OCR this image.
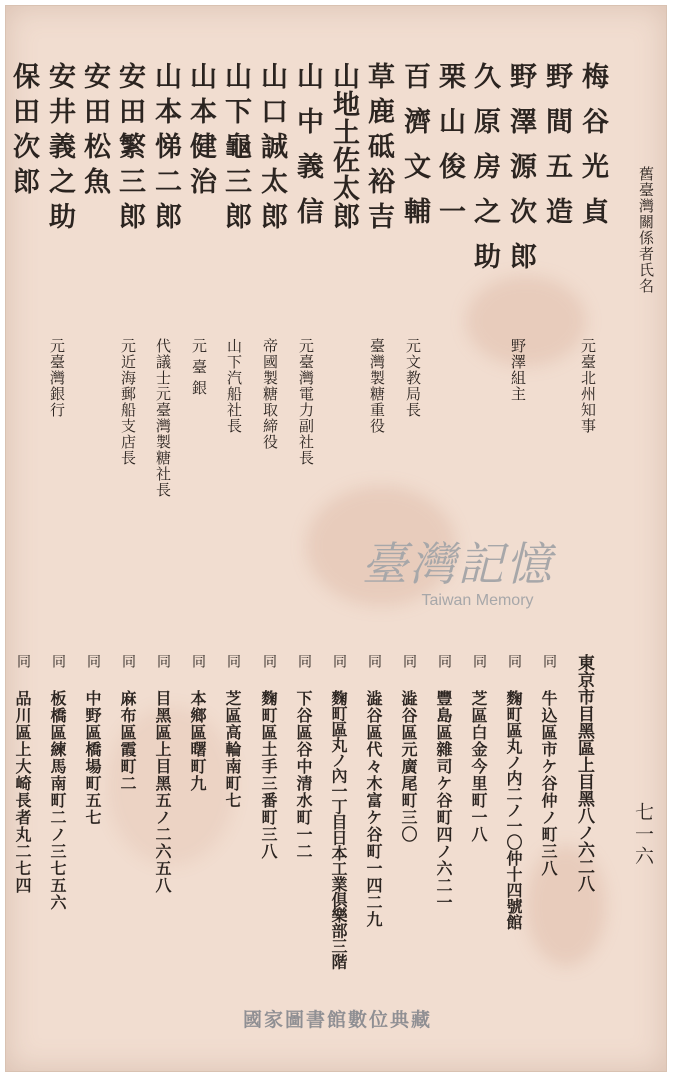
舊臺灣關係者氏名
七一六
梅谷光貞
野間五造
野澤源次郎
久原房之助
栗山俊一
百濟文輔
草鹿砥裕吉
山地土佐太郎
山中義信
山口誠太郎
山下龜三郎
山本健治
山本悌二郎
安田繁三郎
安田松魚
安井義之助
保田次郎
元臺北州知事
野澤組主
元文教局長
臺灣製糖重役
元臺灣電力副社長
帝國製糖取締役
山下汽船社長
元臺銀
代議士元臺灣製糖社長
元近海郵船支店長
元臺灣銀行
同
同
同
同
同
同
同
同
同
同
同
同
同
同
同
同	東京市目黑區上目黑八ノ六二八
牛込區市ケ谷仲ノ町三八
麴町區丸ノ内二ノ一〇仲十四號館
芝區白金今里町一八
豐島區雜司ケ谷町四ノ六二一
澁谷區元廣尾町三〇
澁谷區代々木富ケ谷町一四二九
麴町區丸ノ內一丁目日本工業倶樂部三階
下谷區谷中清水町一二
麴町區土手三番町三八
芝區高輪南町七
本鄉區曙町九
目黑區上目黑五ノ二六五八
麻布區霞町二
中野區橋場町五七
板橋區練馬南町二ノ三七五六
品川區上大崎長者丸二七四
臺灣記憶
Taiwan Memory
國家圖書館數位典藏
